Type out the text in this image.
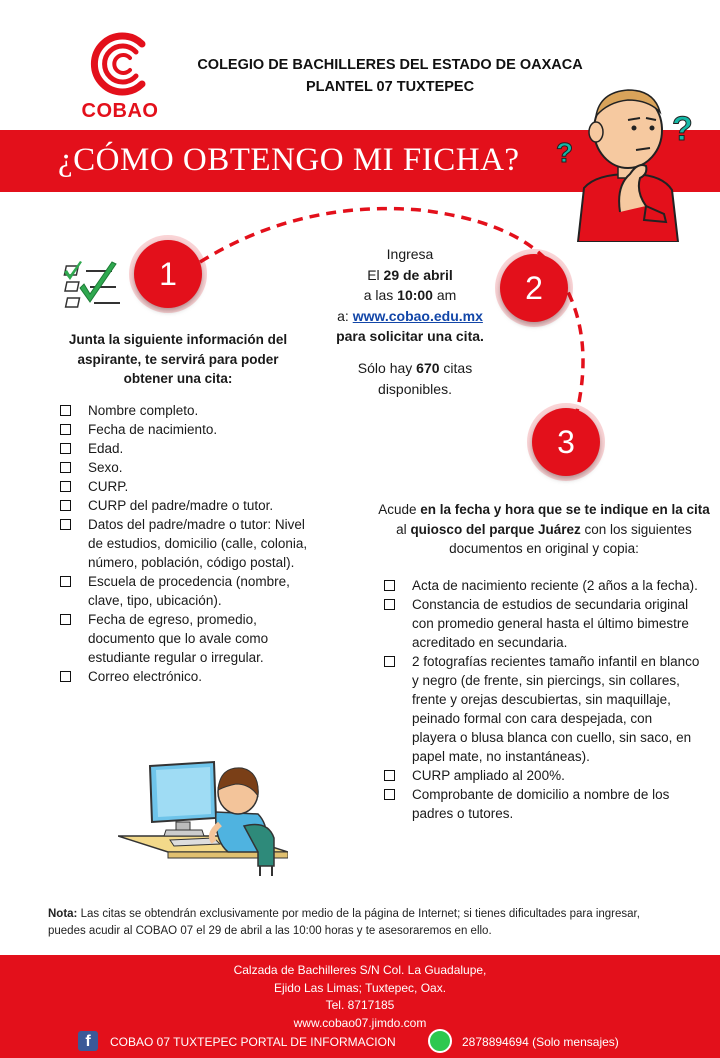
COBAO
COLEGIO DE BACHILLERES DEL ESTADO DE OAXACA
PLANTEL 07 TUXTEPEC
¿CÓMO OBTENGO MI FICHA? ?
?
1	2
3
Junta la siguiente información del aspirante, te servirá para poder obtener una cita:
Nombre completo.
Fecha de nacimiento.
Edad.
Sexo.
CURP.
CURP del padre/madre o tutor.
Datos del padre/madre o tutor: Nivel de estudios, domicilio (calle, colonia, número, población, código postal).
Escuela de procedencia (nombre, clave, tipo, ubicación).
Fecha de egreso, promedio, documento que lo avale como estudiante regular o irregular.
Correo electrónico.
Ingresa
El 29 de abril
a las 10:00 am
a: www.cobao.edu.mx
para solicitar una cita.
Sólo hay 670 citas
disponibles.
Acude en la fecha y hora que se te indique en la cita al quiosco del parque Juárez con los siguientes documentos en original y copia:
Acta de nacimiento reciente (2 años a la fecha).
Constancia de estudios de secundaria original con promedio general hasta el último bimestre acreditado en secundaria.
2 fotografías recientes tamaño infantil en blanco y negro (de frente, sin piercings, sin collares, frente y orejas descubiertas, sin maquillaje, peinado formal con cara despejada, con playera o blusa blanca con cuello, sin saco, en papel mate, no instantáneas).
CURP ampliado al 200%.
Comprobante de domicilio a nombre de los padres o tutores.
Nota: Las citas se obtendrán exclusivamente por medio de la página de Internet; si tienes dificultades para ingresar, puedes acudir al COBAO 07 el 29 de abril a las 10:00 horas y te asesoraremos en ello.
Calzada de Bachilleres S/N Col. La Guadalupe,
Ejido Las Limas; Tuxtepec, Oax.
Tel. 8717185
www.cobao07.jimdo.com
f	COBAO 07 TUXTEPEC PORTAL DE INFORMACION	2878894694 (Solo mensajes)
